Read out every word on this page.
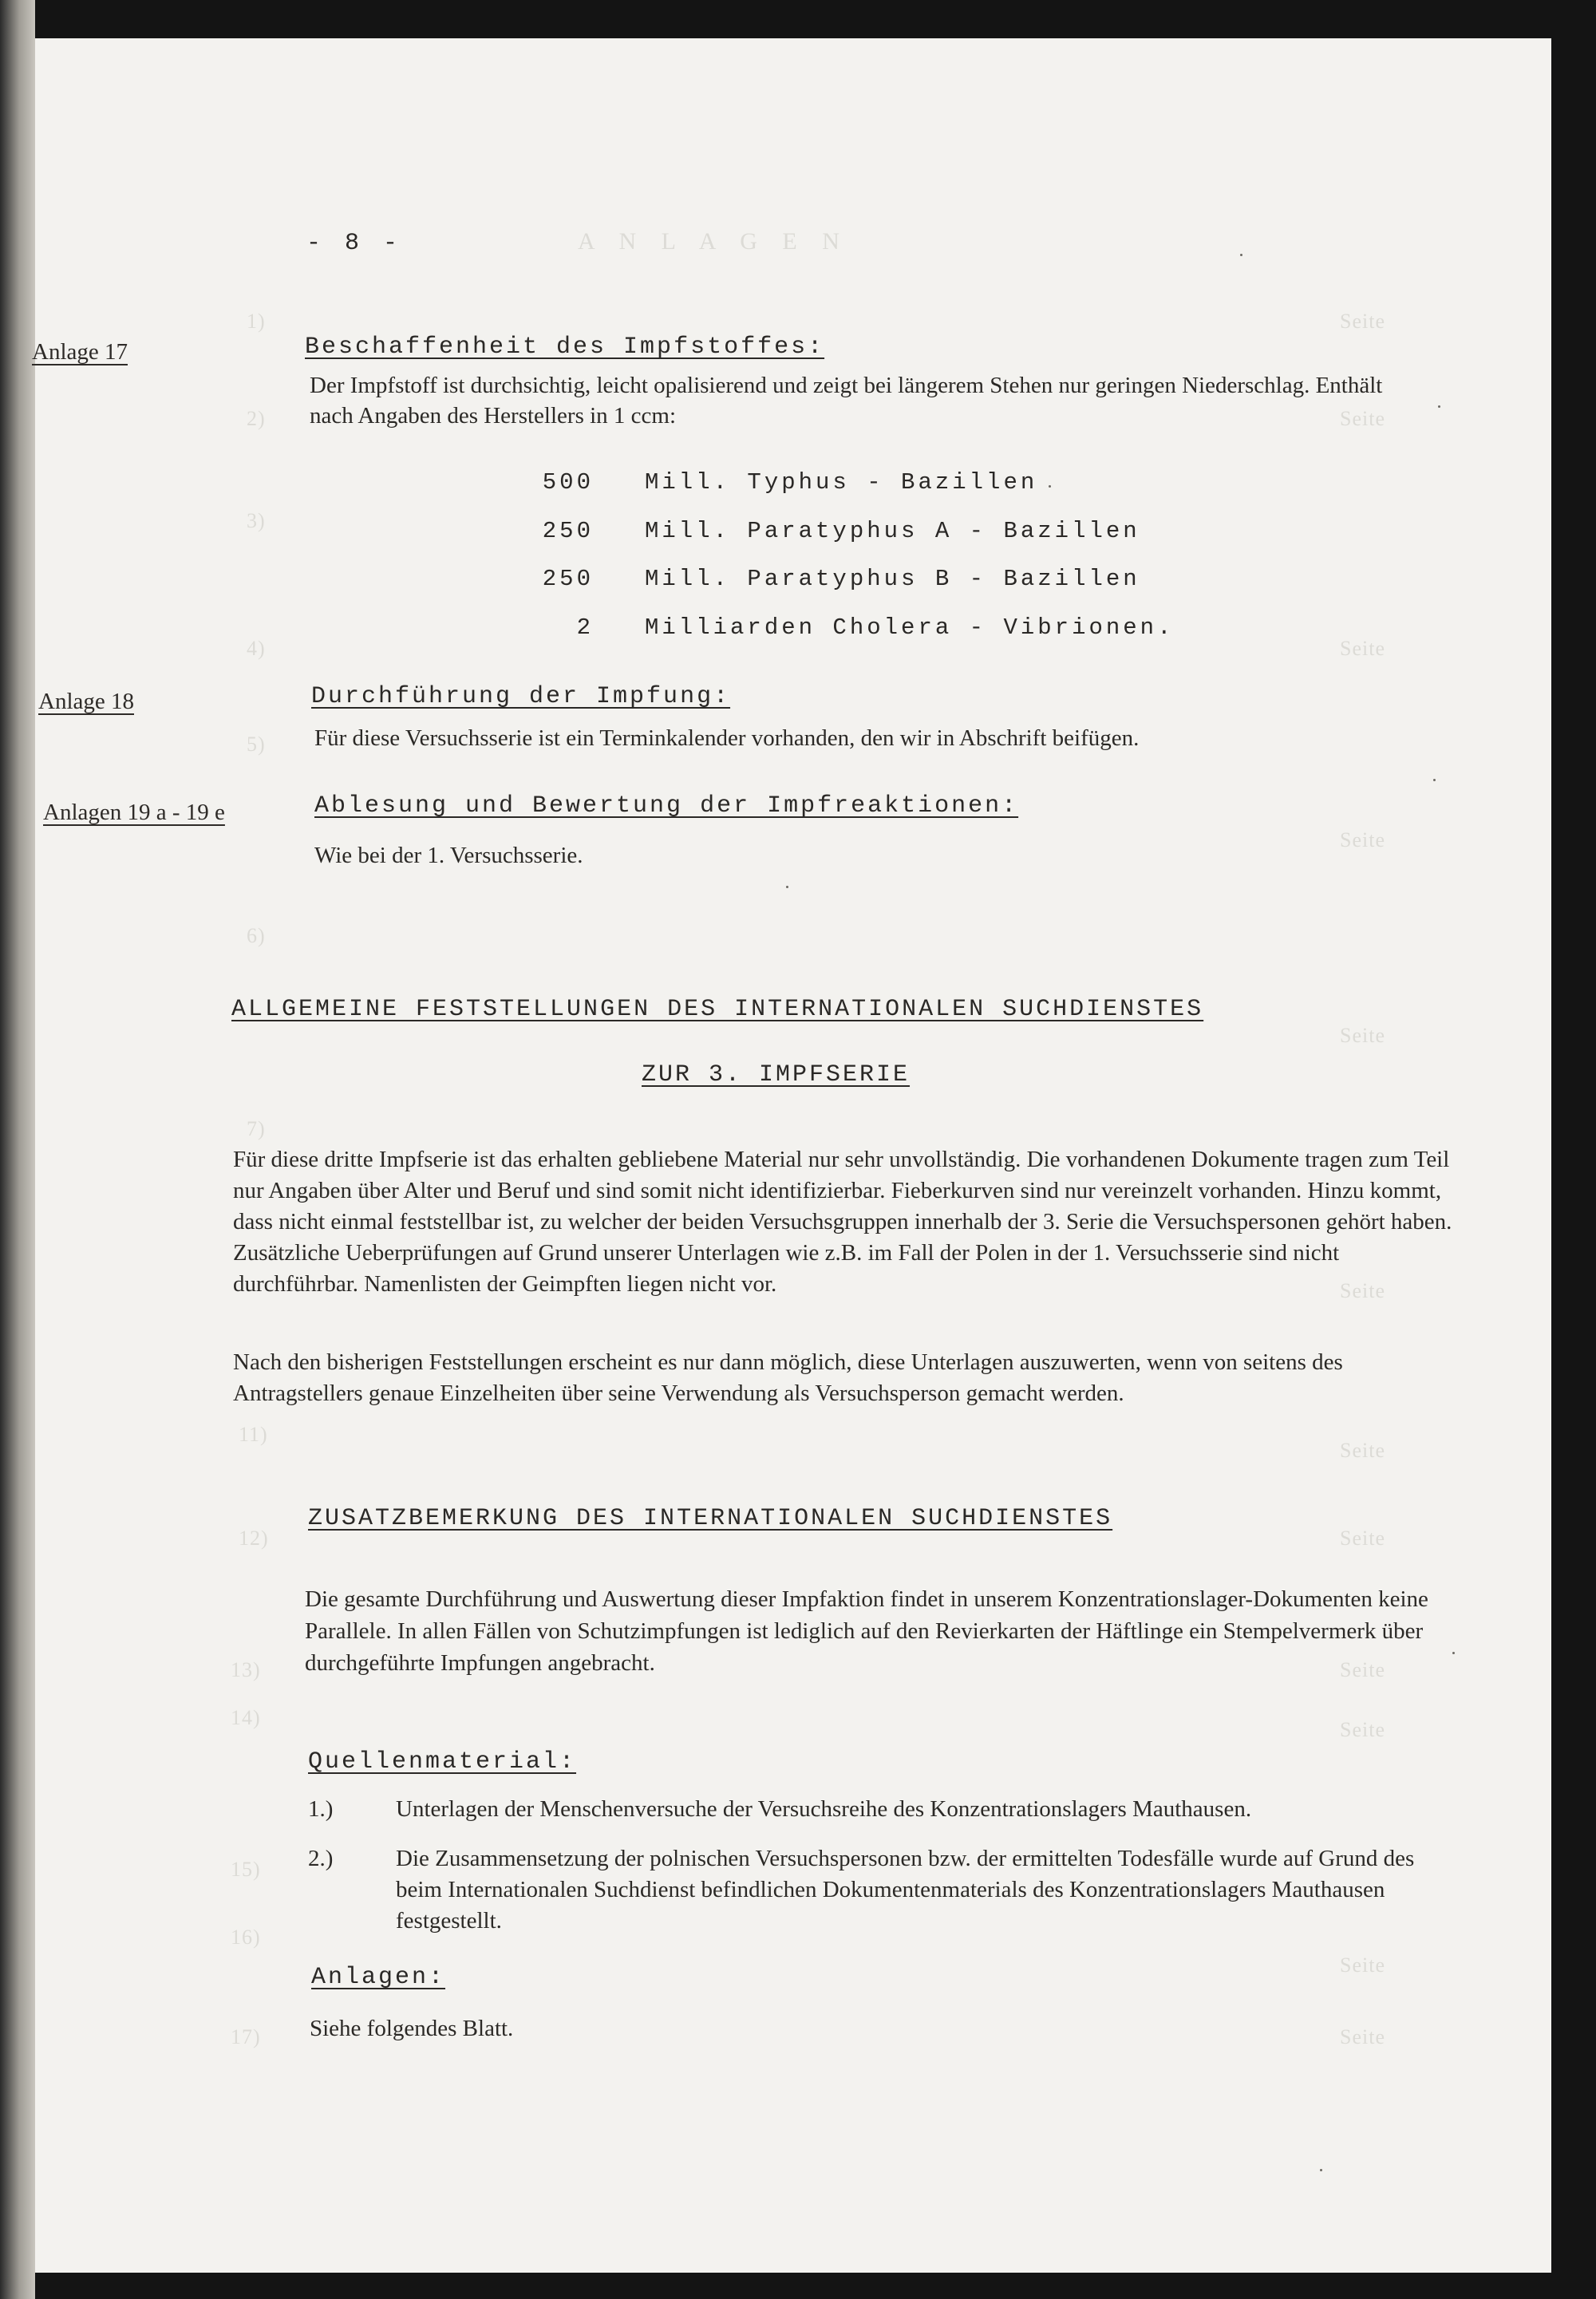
A N L A G E N
1)
2)
3)
4)
5)
6)
7)
11)
12)
13)
14)
15)
16)
17)
Seite
Seite
Seite
Seite
Seite
Seite
Seite
Seite
Seite
Seite
Seite
Seite
- 8 -
Anlage 17
Anlage 18
Anlagen 19 a - 19 e
Beschaffenheit des Impfstoffes:
Der Impfstoff ist durchsichtig, leicht opalisierend und zeigt bei längerem Stehen nur geringen Niederschlag. Enthält nach Angaben des Herstellers in 1 ccm:
500 Mill. Typhus - Bazillen
250 Mill. Paratyphus A - Bazillen
250 Mill. Paratyphus B - Bazillen
2 Milliarden Cholera - Vibrionen.
Durchführung der Impfung:
Für diese Versuchsserie ist ein Terminkalender vorhanden, den wir in Abschrift beifügen.
Ablesung und Bewertung der Impfreaktionen:
Wie bei der 1. Versuchsserie.
ALLGEMEINE FESTSTELLUNGEN DES INTERNATIONALEN SUCHDIENSTES
ZUR 3. IMPFSERIE
Für diese dritte Impfserie ist das erhalten gebliebene Material nur sehr unvollständig. Die vorhandenen Dokumente tragen zum Teil nur Angaben über Alter und Beruf und sind somit nicht identifizierbar. Fieberkurven sind nur vereinzelt vorhanden. Hinzu kommt, dass nicht einmal feststellbar ist, zu welcher der beiden Versuchsgruppen innerhalb der 3. Serie die Versuchspersonen gehört haben. Zusätzliche Ueberprüfungen auf Grund unserer Unterlagen wie z.B. im Fall der Polen in der 1. Versuchsserie sind nicht durchführbar. Namenlisten der Geimpften liegen nicht vor.
Nach den bisherigen Feststellungen erscheint es nur dann möglich, diese Unterlagen auszuwerten, wenn von seitens des Antragstellers genaue Einzelheiten über seine Verwendung als Versuchsperson gemacht werden.
ZUSATZBEMERKUNG DES INTERNATIONALEN SUCHDIENSTES
Die gesamte Durchführung und Auswertung dieser Impfaktion findet in unserem Konzentrationslager-Dokumenten keine Parallele. In allen Fällen von Schutzimpfungen ist lediglich auf den Revierkarten der Häftlinge ein Stempelvermerk über durchgeführte Impfungen angebracht.
Quellenmaterial:
1.)	Unterlagen der Menschenversuche der Versuchsreihe des Konzentrationslagers Mauthausen.
2.)	Die Zusammensetzung der polnischen Versuchspersonen bzw. der ermittelten Todesfälle wurde auf Grund des beim Internationalen Suchdienst befindlichen Dokumentenmaterials des Konzentrationslagers Mauthausen festgestellt.
Anlagen:
Siehe folgendes Blatt.
